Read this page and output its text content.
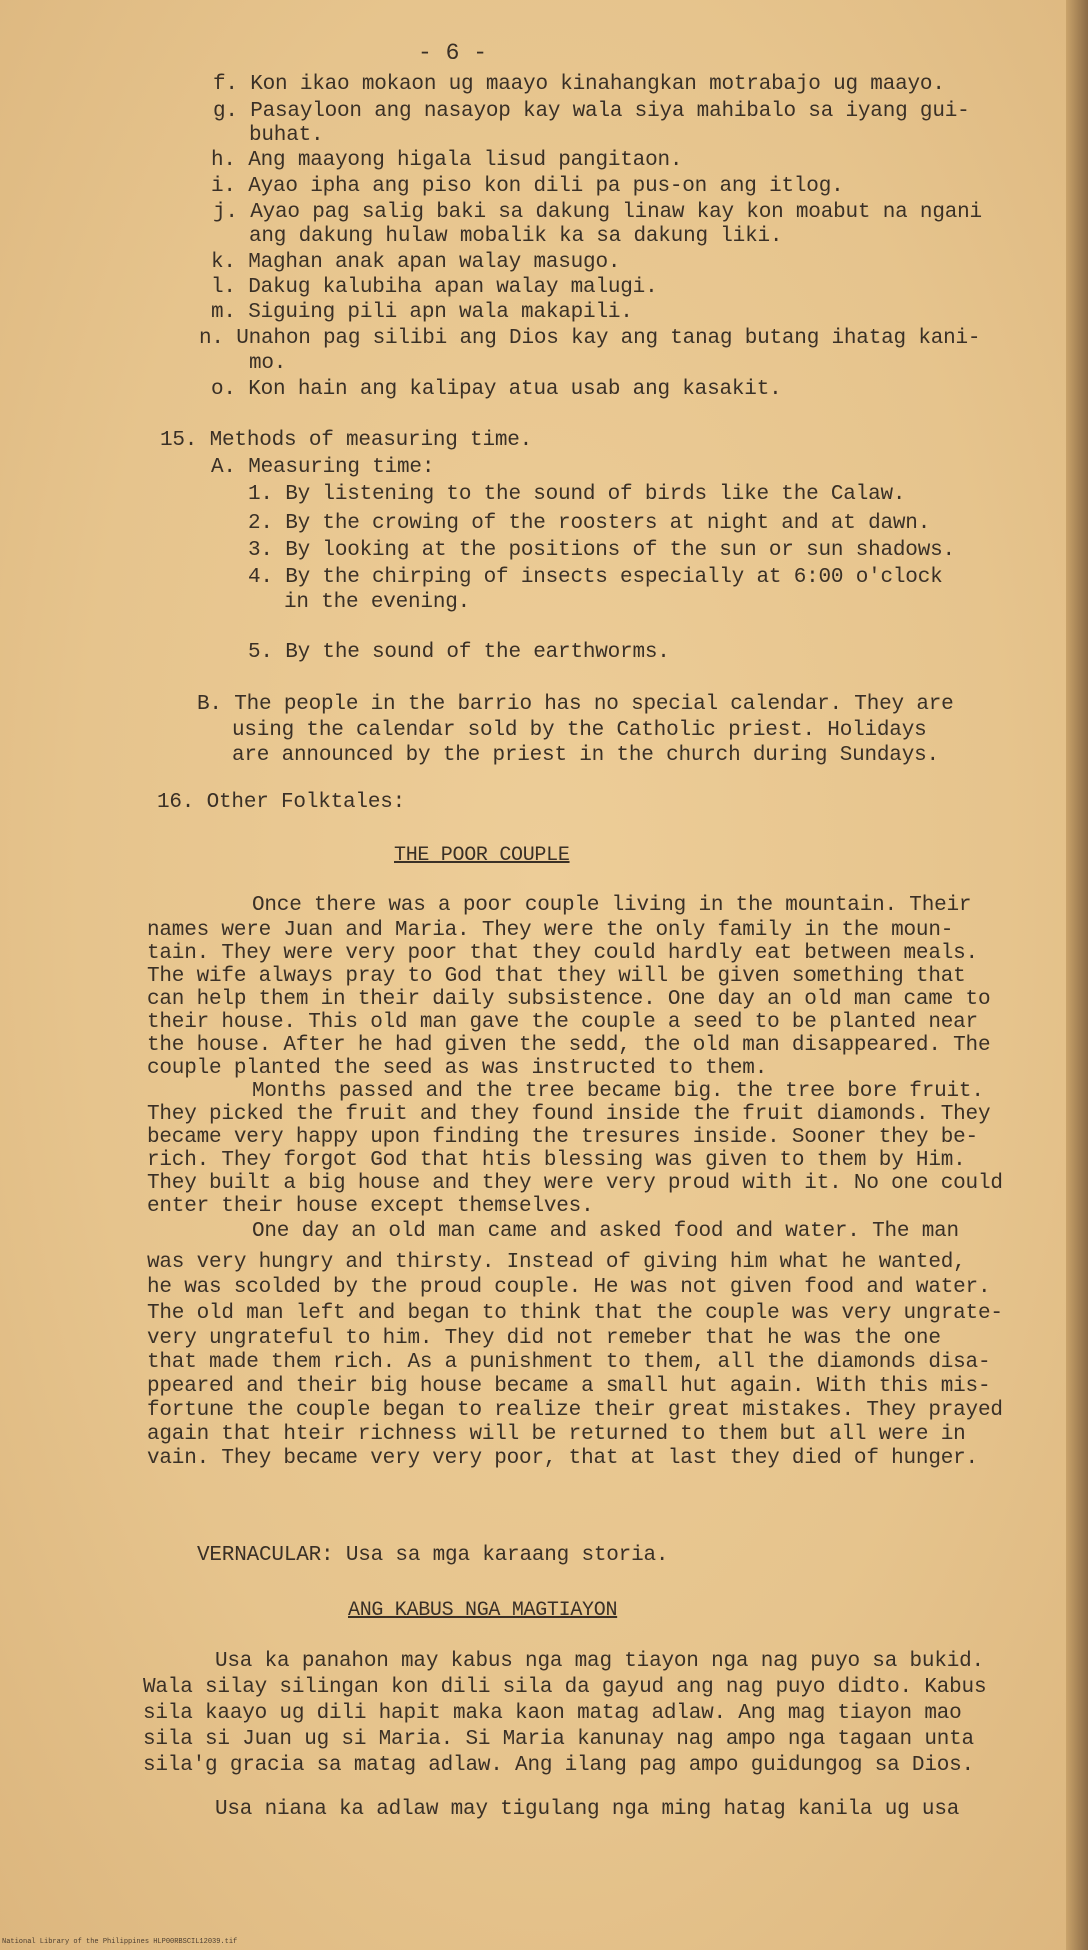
- 6 -
f. Kon ikao mokaon ug maayo kinahangkan motrabajo ug maayo.
g. Pasayloon ang nasayop kay wala siya mahibalo sa iyang gui-
buhat.
h. Ang maayong higala lisud pangitaon.
i. Ayao ipha ang piso kon dili pa pus-on ang itlog.
j. Ayao pag salig baki sa dakung linaw kay kon moabut na ngani
ang dakung hulaw mobalik ka sa dakung liki.
k. Maghan anak apan walay masugo.
l. Dakug kalubiha apan walay malugi.
m. Siguing pili apn wala makapili.
n. Unahon pag silibi ang Dios kay ang tanag butang ihatag kani-
mo.
o. Kon hain ang kalipay atua usab ang kasakit.
15. Methods of measuring time.
A. Measuring time:
1. By listening to the sound of birds like the Calaw.
2. By the crowing of the roosters at night and at dawn.
3. By looking at the positions of the sun or sun shadows.
4. By the chirping of insects especially at 6:00 o'clock
in the evening.
5. By the sound of the earthworms.
B. The people in the barrio has no special calendar. They are
using the calendar sold by the Catholic priest. Holidays
are announced by the priest in the church during Sundays.
16. Other Folktales:
THE POOR COUPLE
Once there was a poor couple living in the mountain. Their
names were Juan and Maria. They were the only family in the moun-
tain. They were very poor that they could hardly eat between meals.
The wife always pray to God that they will be given something that
can help them in their daily subsistence. One day an old man came to
their house. This old man gave the couple a seed to be planted near
the house. After he had given the sedd, the old man disappeared. The
couple planted the seed as was instructed to them.
Months passed and the tree became big. the tree bore fruit.
They picked the fruit and they found inside the fruit diamonds. They
became very happy upon finding the tresures inside. Sooner they be-
rich. They forgot God that htis blessing was given to them by Him.
They built a big house and they were very proud with it. No one could
enter their house except themselves.
One day an old man came and asked food and water. The man
was very hungry and thirsty. Instead of giving him what he wanted,
he was scolded by the proud couple. He was not given food and water.
The old man left and began to think that the couple was very ungrate-
very ungrateful to him. They did not remeber that he was the one
that made them rich. As a punishment to them, all the diamonds disa-
ppeared and their big house became a small hut again. With this mis-
fortune the couple began to realize their great mistakes. They prayed
again that hteir richness will be returned to them but all were in
vain. They became very very poor, that at last they died of hunger.
VERNACULAR: Usa sa mga karaang storia.
ANG KABUS NGA MAGTIAYON
Usa ka panahon may kabus nga mag tiayon nga nag puyo sa bukid.
Wala silay silingan kon dili sila da gayud ang nag puyo didto. Kabus
sila kaayo ug dili hapit maka kaon matag adlaw. Ang mag tiayon mao
sila si Juan ug si Maria. Si Maria kanunay nag ampo nga tagaan unta
sila'g gracia sa matag adlaw. Ang ilang pag ampo guidungog sa Dios.
Usa niana ka adlaw may tigulang nga ming hatag kanila ug usa
National Library of the Philippines HLP00RBSCIL12039.tif
